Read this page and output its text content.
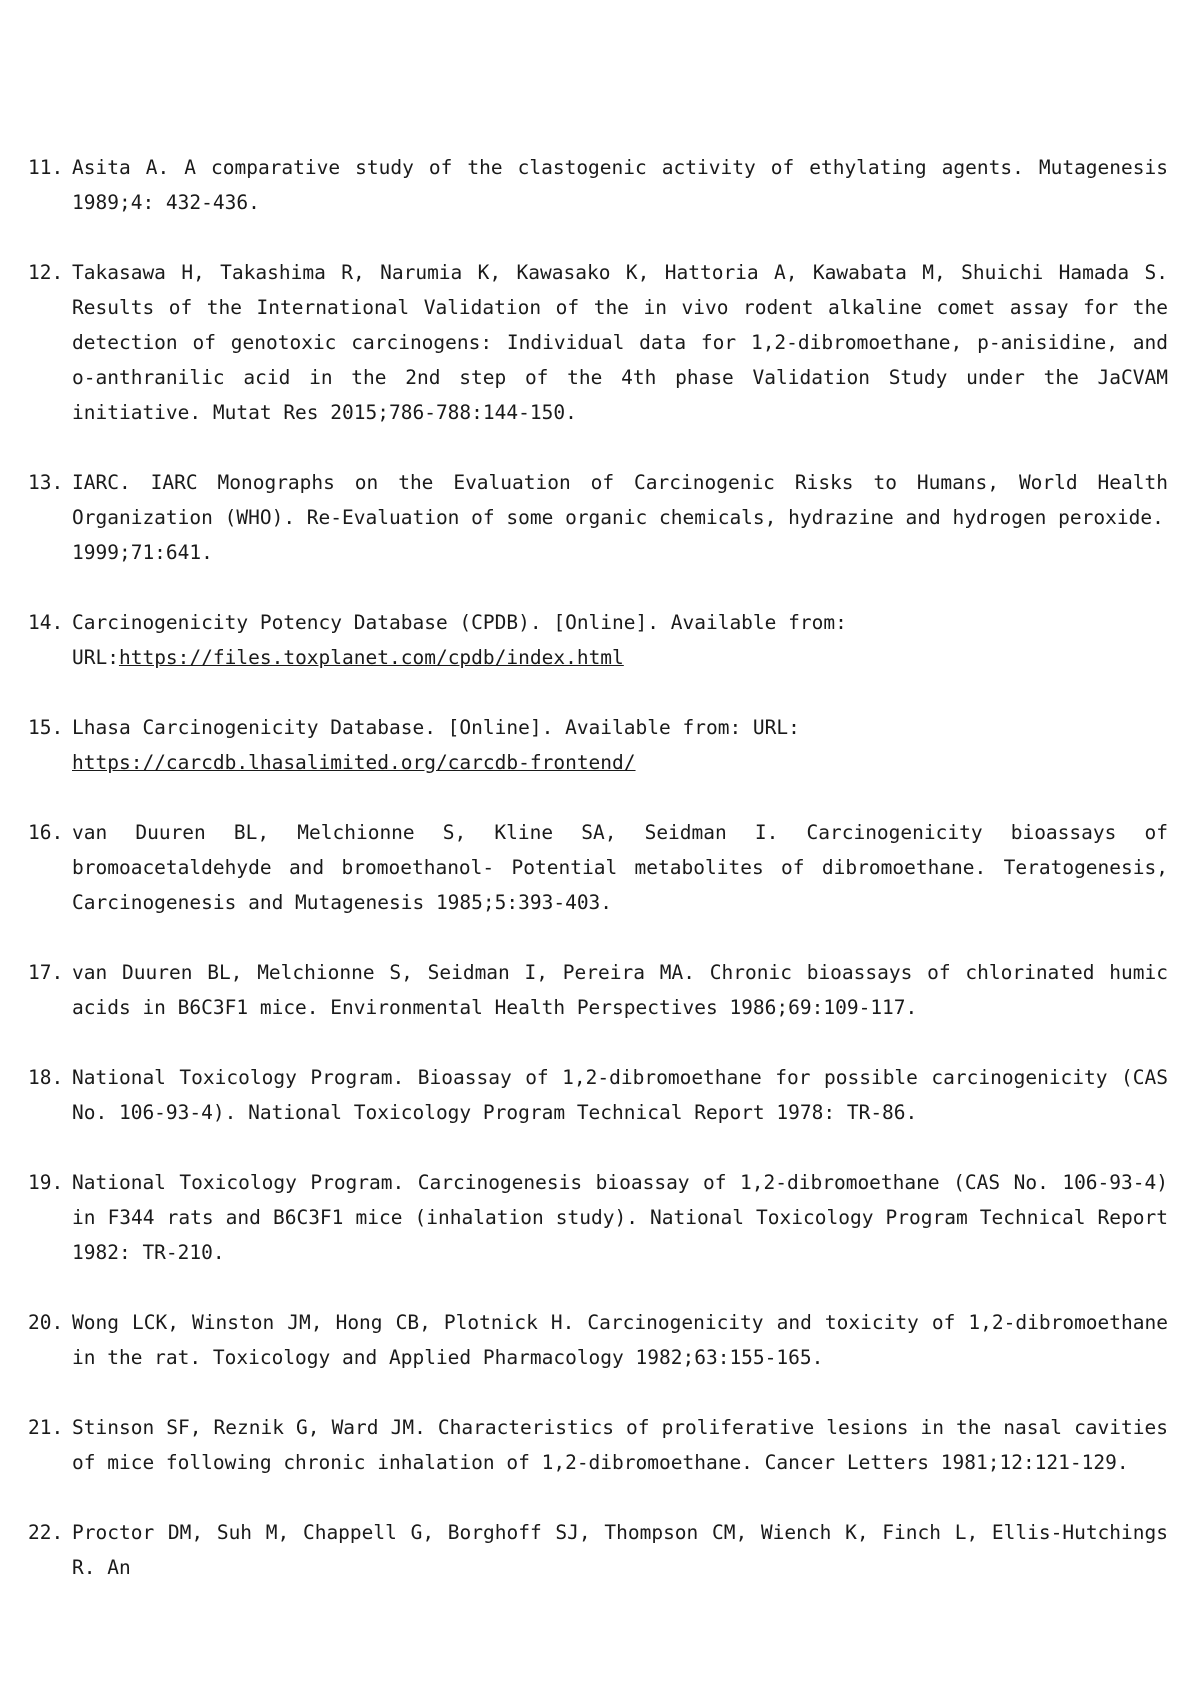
11. Asita A. A comparative study of the clastogenic activity of ethylating agents. Mutagenesis 1989;4: 432-436.
12. Takasawa H, Takashima R, Narumia K, Kawasako K, Hattoria A, Kawabata M, Shuichi Hamada S. Results of the International Validation of the in vivo rodent alkaline comet assay for the detection of genotoxic carcinogens: Individual data for 1,2-dibromoethane, p-anisidine, and o-anthranilic acid in the 2nd step of the 4th phase Validation Study under the JaCVAM initiative. Mutat Res 2015;786-788:144-150.
13. IARC. IARC Monographs on the Evaluation of Carcinogenic Risks to Humans, World Health Organization (WHO). Re-Evaluation of some organic chemicals, hydrazine and hydrogen peroxide.
1999;71:641.
14. Carcinogenicity Potency Database (CPDB). [Online]. Available from:
URL:https://files.toxplanet.com/cpdb/index.html
15. Lhasa Carcinogenicity Database. [Online]. Available from: URL:
https://carcdb.lhasalimited.org/carcdb-frontend/
16. van Duuren BL, Melchionne S, Kline SA, Seidman I. Carcinogenicity bioassays of bromoacetaldehyde and bromoethanol- Potential metabolites of dibromoethane. Teratogenesis, Carcinogenesis and Mutagenesis 1985;5:393-403.
17. van Duuren BL, Melchionne S, Seidman I, Pereira MA. Chronic bioassays of chlorinated humic acids in B6C3F1 mice. Environmental Health Perspectives 1986;69:109-117.
18. National Toxicology Program. Bioassay of 1,2-dibromoethane for possible carcinogenicity (CAS No. 106-93-4). National Toxicology Program Technical Report 1978: TR-86.
19. National Toxicology Program. Carcinogenesis bioassay of 1,2-dibromoethane (CAS No. 106-93-4) in F344 rats and B6C3F1 mice (inhalation study). National Toxicology Program Technical Report 1982: TR-210.
20. Wong LCK, Winston JM, Hong CB, Plotnick H. Carcinogenicity and toxicity of 1,2-dibromoethane in the rat. Toxicology and Applied Pharmacology 1982;63:155-165.
21. Stinson SF, Reznik G, Ward JM. Characteristics of proliferative lesions in the nasal cavities of mice following chronic inhalation of 1,2-dibromoethane. Cancer Letters 1981;12:121-129.
22. Proctor DM, Suh M, Chappell G, Borghoff SJ, Thompson CM, Wiench K, Finch L, Ellis-Hutchings R. An
